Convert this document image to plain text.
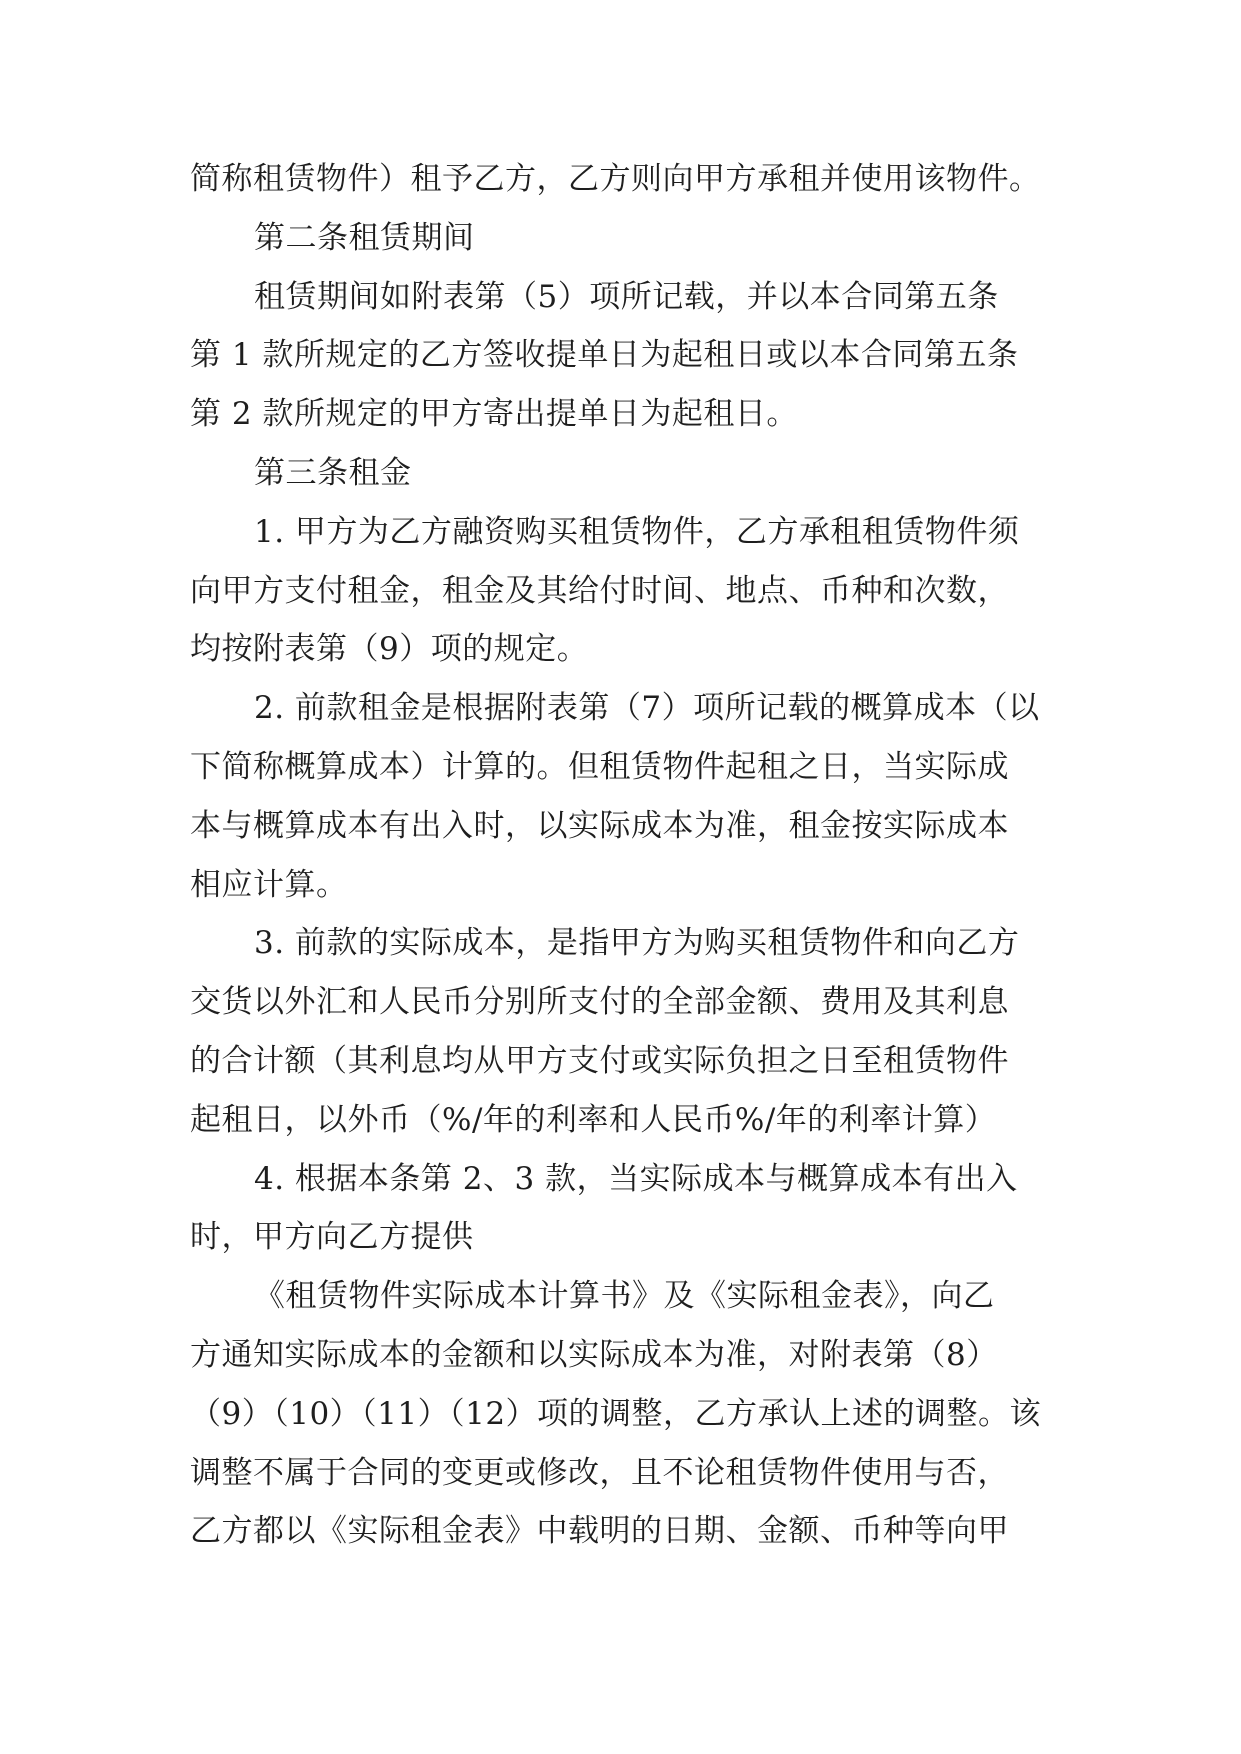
简称租赁物件）租予乙方，乙方则向甲方承租并使用该物件。
第二条租赁期间
租赁期间如附表第（5）项所记载，并以本合同第五条
第 1 款所规定的乙方签收提单日为起租日或以本合同第五条
第 2 款所规定的甲方寄出提单日为起租日。
第三条租金
1. 甲方为乙方融资购买租赁物件，乙方承租租赁物件须
向甲方支付租金，租金及其给付时间、地点、币种和次数，
均按附表第（9）项的规定。
2. 前款租金是根据附表第（7）项所记载的概算成本（以
下简称概算成本）计算的。但租赁物件起租之日，当实际成
本与概算成本有出入时，以实际成本为准，租金按实际成本
相应计算。
3. 前款的实际成本，是指甲方为购买租赁物件和向乙方
交货以外汇和人民币分别所支付的全部金额、费用及其利息
的合计额（其利息均从甲方支付或实际负担之日至租赁物件
起租日，以外币（%/年的利率和人民币%/年的利率计算）
4. 根据本条第 2、3 款，当实际成本与概算成本有出入
时，甲方向乙方提供
《租赁物件实际成本计算书》及《实际租金表》，向乙
方通知实际成本的金额和以实际成本为准，对附表第（8）
（9）（10）（11）（12）项的调整，乙方承认上述的调整。该
调整不属于合同的变更或修改，且不论租赁物件使用与否，
乙方都以《实际租金表》中载明的日期、金额、币种等向甲
